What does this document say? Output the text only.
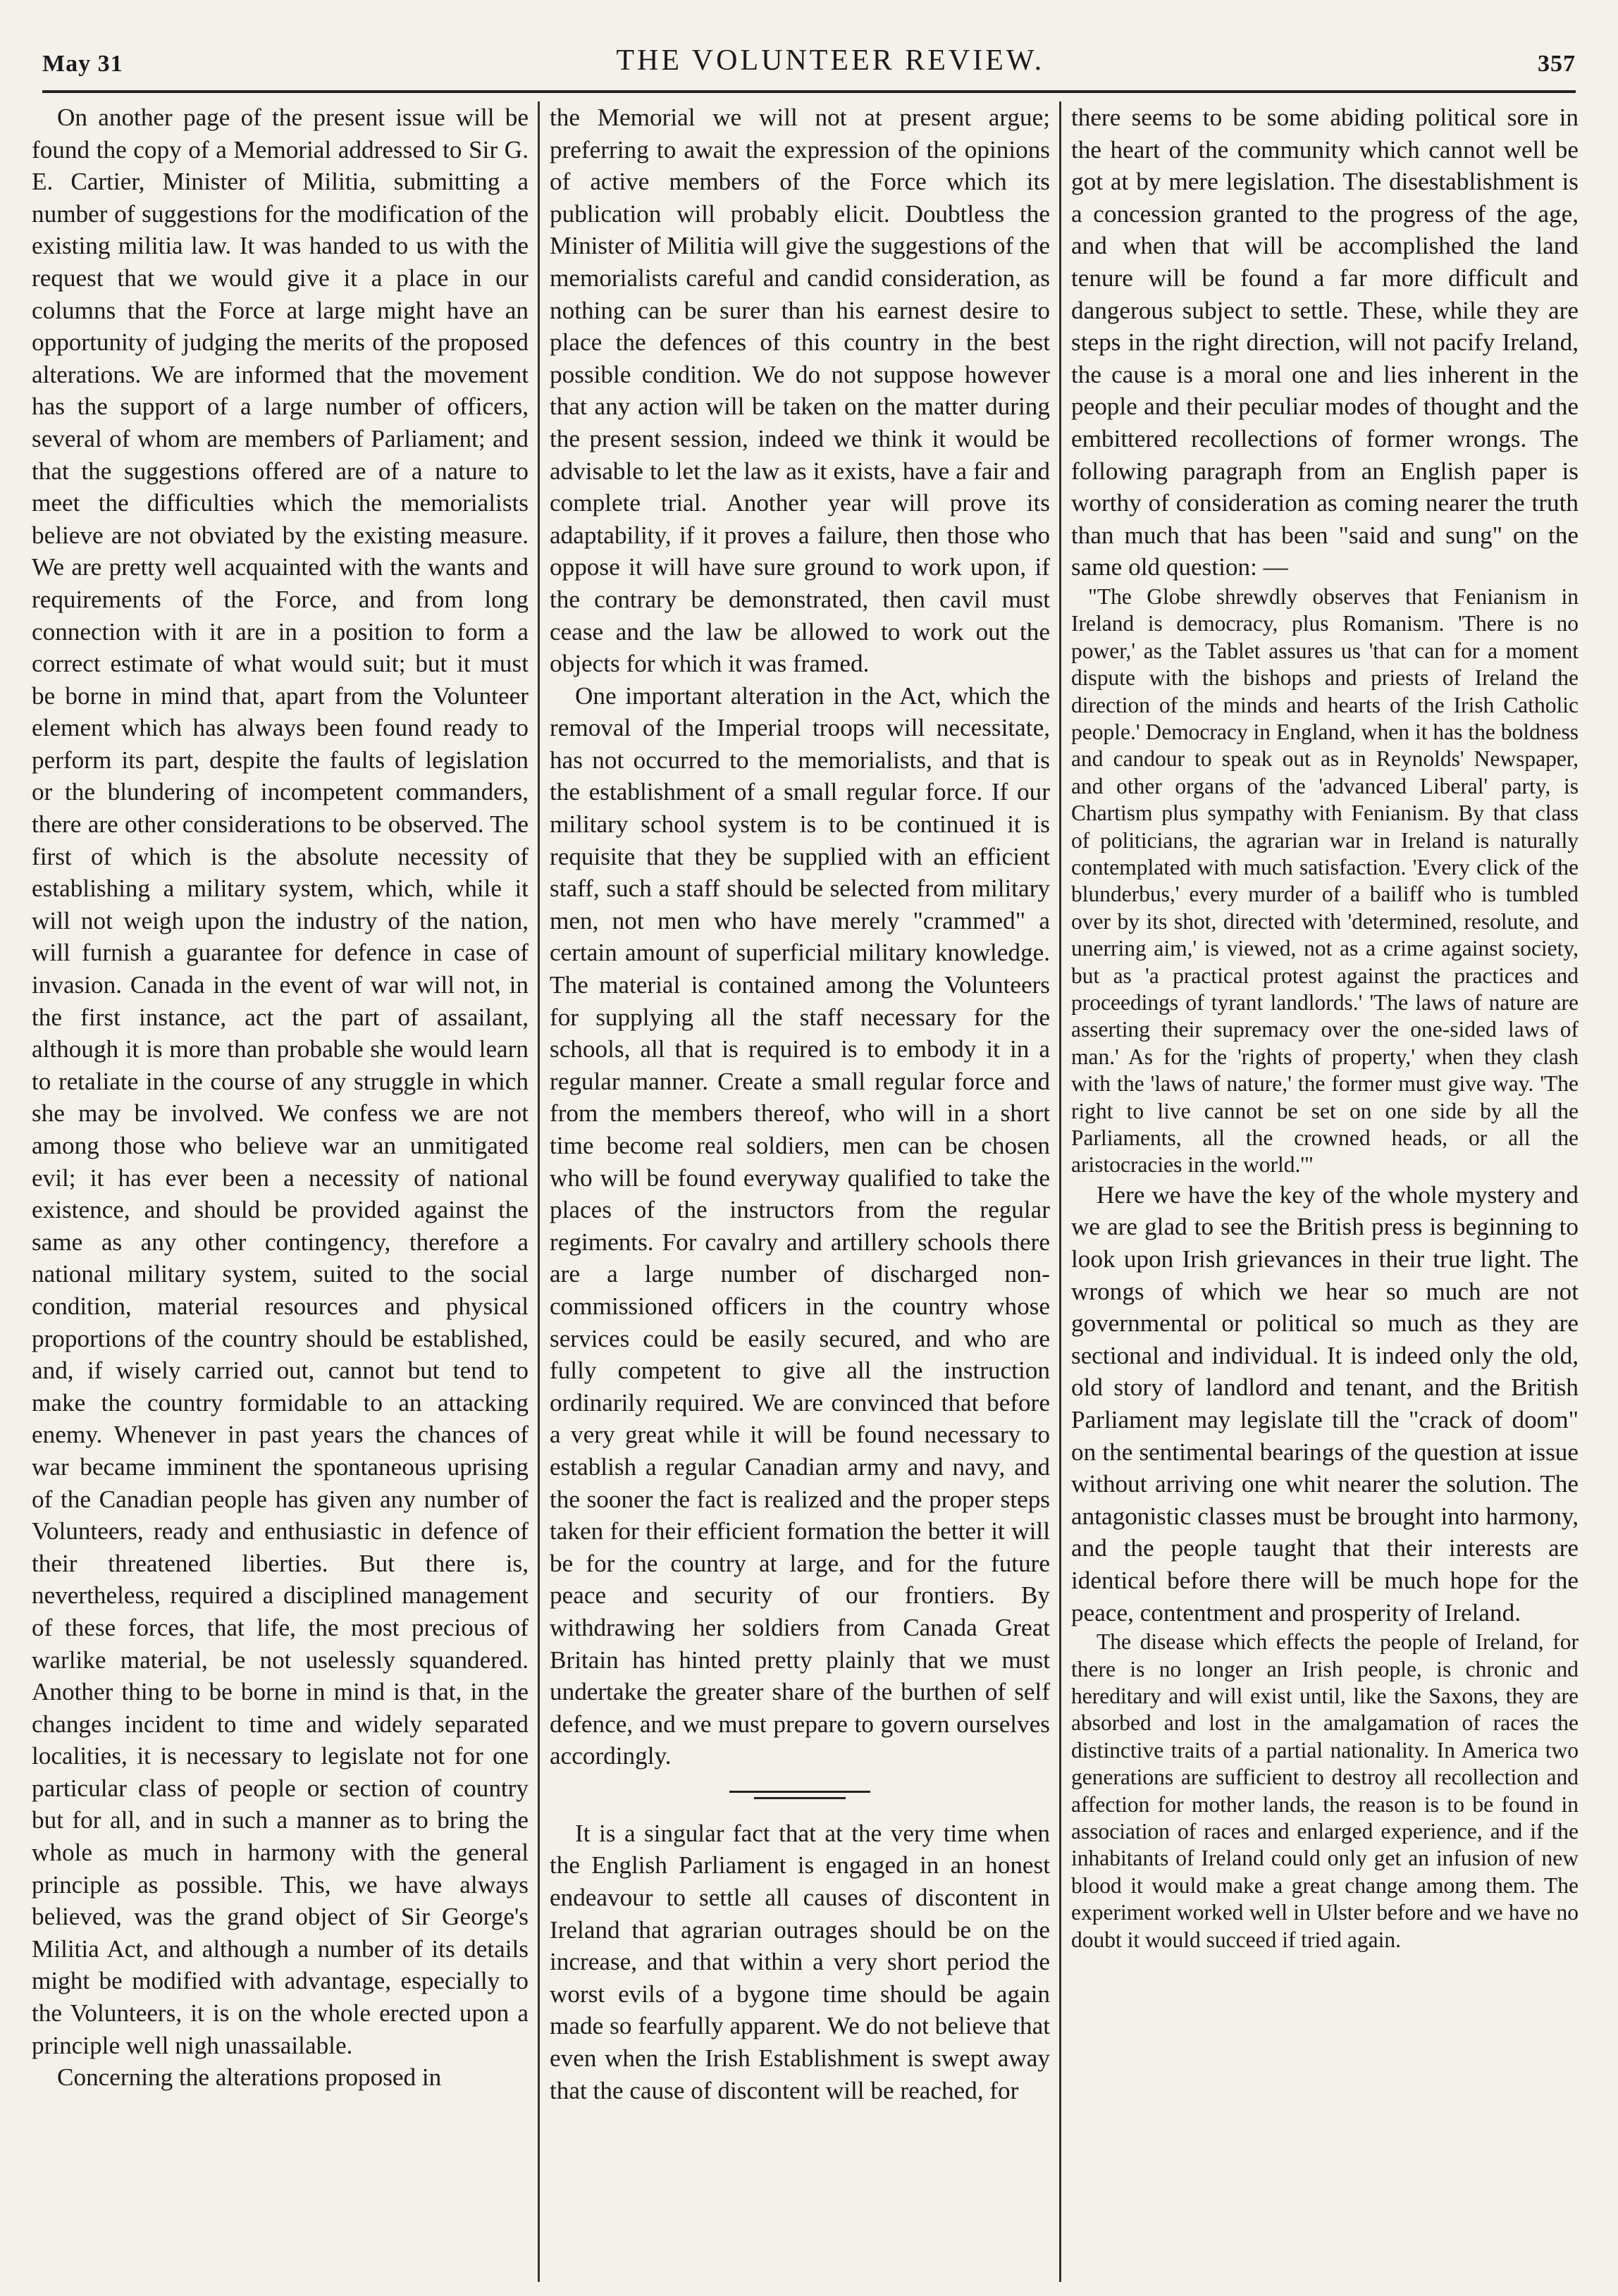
May 31	THE VOLUNTEER REVIEW.	357

On another page of the present issue will be found the copy of a Memorial addressed to Sir G. E. Cartier, Minister of Militia, submitting a number of suggestions for the modification of the existing militia law. It was handed to us with the request that we would give it a place in our columns that the Force at large might have an opportunity of judging the merits of the proposed alterations. We are informed that the movement has the support of a large number of officers, several of whom are members of Parliament; and that the suggestions offered are of a nature to meet the difficulties which the memorialists believe are not obviated by the existing measure. We are pretty well acquainted with the wants and requirements of the Force, and from long connection with it are in a position to form a correct estimate of what would suit; but it must be borne in mind that, apart from the Volunteer element which has always been found ready to perform its part, despite the faults of legislation or the blundering of incompetent commanders, there are other considerations to be observed. The first of which is the absolute necessity of establishing a military system, which, while it will not weigh upon the industry of the nation, will furnish a guarantee for defence in case of invasion. Canada in the event of war will not, in the first instance, act the part of assailant, although it is more than probable she would learn to retaliate in the course of any struggle in which she may be involved. We confess we are not among those who believe war an unmitigated evil; it has ever been a necessity of national existence, and should be provided against the same as any other contingency, therefore a national military system, suited to the social condition, material resources and physical proportions of the country should be established, and, if wisely carried out, cannot but tend to make the country formidable to an attacking enemy. Whenever in past years the chances of war became imminent the spontaneous uprising of the Canadian people has given any number of Volunteers, ready and enthusiastic in defence of their threatened liberties. But there is, nevertheless, required a disciplined management of these forces, that life, the most precious of warlike material, be not uselessly squandered. Another thing to be borne in mind is that, in the changes incident to time and widely separated localities, it is necessary to legislate not for one particular class of people or section of country but for all, and in such a manner as to bring the whole as much in harmony with the general principle as possible. This, we have always believed, was the grand object of Sir George's Militia Act, and although a number of its details might be modified with advantage, especially to the Volunteers, it is on the whole erected upon a principle well nigh unassailable.

Concerning the alterations proposed in

the Memorial we will not at present argue; preferring to await the expression of the opinions of active members of the Force which its publication will probably elicit. Doubtless the Minister of Militia will give the suggestions of the memorialists careful and candid consideration, as nothing can be surer than his earnest desire to place the defences of this country in the best possible condition. We do not suppose however that any action will be taken on the matter during the present session, indeed we think it would be advisable to let the law as it exists, have a fair and complete trial. Another year will prove its adaptability, if it proves a failure, then those who oppose it will have sure ground to work upon, if the contrary be demonstrated, then cavil must cease and the law be allowed to work out the objects for which it was framed.

One important alteration in the Act, which the removal of the Imperial troops will necessitate, has not occurred to the memorialists, and that is the establishment of a small regular force. If our military school system is to be continued it is requisite that they be supplied with an efficient staff, such a staff should be selected from military men, not men who have merely "crammed" a certain amount of superficial military knowledge. The material is contained among the Volunteers for supplying all the staff necessary for the schools, all that is required is to embody it in a regular manner. Create a small regular force and from the members thereof, who will in a short time become real soldiers, men can be chosen who will be found everyway qualified to take the places of the instructors from the regular regiments. For cavalry and artillery schools there are a large number of discharged non-commissioned officers in the country whose services could be easily secured, and who are fully competent to give all the instruction ordinarily required. We are convinced that before a very great while it will be found necessary to establish a regular Canadian army and navy, and the sooner the fact is realized and the proper steps taken for their efficient formation the better it will be for the country at large, and for the future peace and security of our frontiers. By withdrawing her soldiers from Canada Great Britain has hinted pretty plainly that we must undertake the greater share of the burthen of self defence, and we must prepare to govern ourselves accordingly.

It is a singular fact that at the very time when the English Parliament is engaged in an honest endeavour to settle all causes of discontent in Ireland that agrarian outrages should be on the increase, and that within a very short period the worst evils of a bygone time should be again made so fearfully apparent. We do not believe that even when the Irish Establishment is swept away that the cause of discontent will be reached, for

there seems to be some abiding political sore in the heart of the community which cannot well be got at by mere legislation. The disestablishment is a concession granted to the progress of the age, and when that will be accomplished the land tenure will be found a far more difficult and dangerous subject to settle. These, while they are steps in the right direction, will not pacify Ireland, the cause is a moral one and lies inherent in the people and their peculiar modes of thought and the embittered recollections of former wrongs. The following paragraph from an English paper is worthy of consideration as coming nearer the truth than much that has been "said and sung" on the same old question: —

"The Globe shrewdly observes that Fenianism in Ireland is democracy, plus Romanism. 'There is no power,' as the Tablet assures us 'that can for a moment dispute with the bishops and priests of Ireland the direction of the minds and hearts of the Irish Catholic people.' Democracy in England, when it has the boldness and candour to speak out as in Reynolds' Newspaper, and other organs of the 'advanced Liberal' party, is Chartism plus sympathy with Fenianism. By that class of politicians, the agrarian war in Ireland is naturally contemplated with much satisfaction. 'Every click of the blunderbus,' every murder of a bailiff who is tumbled over by its shot, directed with 'determined, resolute, and unerring aim,' is viewed, not as a crime against society, but as 'a practical protest against the practices and proceedings of tyrant landlords.' 'The laws of nature are asserting their supremacy over the one-sided laws of man.' As for the 'rights of property,' when they clash with the 'laws of nature,' the former must give way. 'The right to live cannot be set on one side by all the Parliaments, all the crowned heads, or all the aristocracies in the world.'"

Here we have the key of the whole mystery and we are glad to see the British press is beginning to look upon Irish grievances in their true light. The wrongs of which we hear so much are not governmental or political so much as they are sectional and individual. It is indeed only the old, old story of landlord and tenant, and the British Parliament may legislate till the "crack of doom" on the sentimental bearings of the question at issue without arriving one whit nearer the solution. The antagonistic classes must be brought into harmony, and the people taught that their interests are identical before there will be much hope for the peace, contentment and prosperity of Ireland.

The disease which effects the people of Ireland, for there is no longer an Irish people, is chronic and hereditary and will exist until, like the Saxons, they are absorbed and lost in the amalgamation of races the distinctive traits of a partial nationality. In America two generations are sufficient to destroy all recollection and affection for mother lands, the reason is to be found in association of races and enlarged experience, and if the inhabitants of Ireland could only get an infusion of new blood it would make a great change among them. The experiment worked well in Ulster before and we have no doubt it would succeed if tried again.
